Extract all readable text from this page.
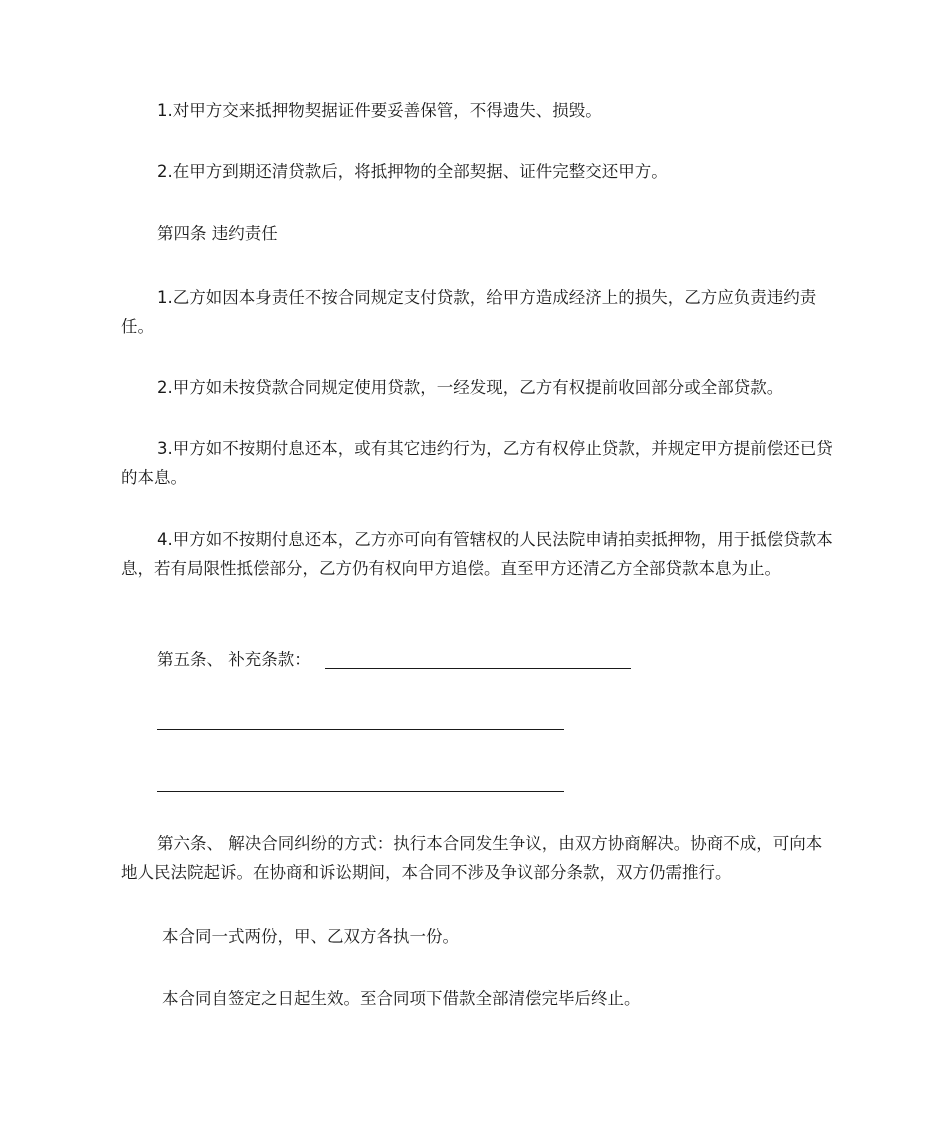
1.对甲方交来抵押物契据证件要妥善保管，不得遗失、损毁。

2.在甲方到期还清贷款后，将抵押物的全部契据、证件完整交还甲方。

第四条 违约责任

1.乙方如因本身责任不按合同规定支付贷款，给甲方造成经济上的损失，乙方应负责违约责任。

2.甲方如未按贷款合同规定使用贷款，一经发现，乙方有权提前收回部分或全部贷款。

3.甲方如不按期付息还本，或有其它违约行为，乙方有权停止贷款，并规定甲方提前偿还已贷的本息。

4.甲方如不按期付息还本，乙方亦可向有管辖权的人民法院申请拍卖抵押物，用于抵偿贷款本息，若有局限性抵偿部分，乙方仍有权向甲方追偿。直至甲方还清乙方全部贷款本息为止。

第五条、 补充条款：

第六条、 解决合同纠纷的方式：执行本合同发生争议，由双方协商解决。协商不成，可向本地人民法院起诉。在协商和诉讼期间，本合同不涉及争议部分条款，双方仍需推行。

本合同一式两份，甲、乙双方各执一份。

本合同自签定之日起生效。至合同项下借款全部清偿完毕后终止。
